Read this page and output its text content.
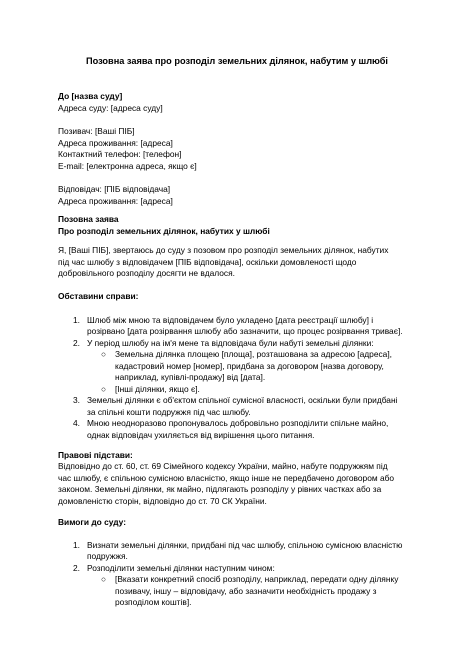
Позовна заява про розподіл земельних ділянок, набутим у шлюбі
До [назва суду]
Адреса суду: [адреса суду]
Позивач: [Ваші ПІБ]
Адреса проживання: [адреса]
Контактний телефон: [телефон]
E-mail: [електронна адреса, якщо є]
Відповідач: [ПІБ відповідача]
Адреса проживання: [адреса]
Позовна заява
Про розподіл земельних ділянок, набутих у шлюбі
Я, [Ваші ПІБ], звертаюсь до суду з позовом про розподіл земельних ділянок, набутих
під час шлюбу з відповідачем [ПІБ відповідача], оскільки домовленості щодо
добровільного розподілу досягти не вдалося.
Обставини справи:
1. Шлюб між мною та відповідачем було укладено [дата реєстрації шлюбу] і
розірвано [дата розірвання шлюбу або зазначити, що процес розірвання триває].
2. У період шлюбу на ім'я мене та відповідача були набуті земельні ділянки:
○ Земельна ділянка площею [площа], розташована за адресою [адреса],
кадастровий номер [номер], придбана за договором [назва договору,
наприклад, купівлі-продажу] від [дата].
○ [Інші ділянки, якщо є].
3. Земельні ділянки є об'єктом спільної сумісної власності, оскільки були придбані
за спільні кошти подружжя під час шлюбу.
4. Мною неодноразово пропонувалось добровільно розподілити спільне майно,
однак відповідач ухиляється від вирішення цього питання.
Правові підстави:
Відповідно до ст. 60, ст. 69 Сімейного кодексу України, майно, набуте подружжям під
час шлюбу, є спільною сумісною власністю, якщо інше не передбачено договором або
законом. Земельні ділянки, як майно, підлягають розподілу у рівних частках або за
домовленістю сторін, відповідно до ст. 70 СК України.
Вимоги до суду:
1. Визнати земельні ділянки, придбані під час шлюбу, спільною сумісною власністю
подружжя.
2. Розподілити земельні ділянки наступним чином:
○ [Вказати конкретний спосіб розподілу, наприклад, передати одну ділянку
позивачу, іншу – відповідачу, або зазначити необхідність продажу з
розподілом коштів].
